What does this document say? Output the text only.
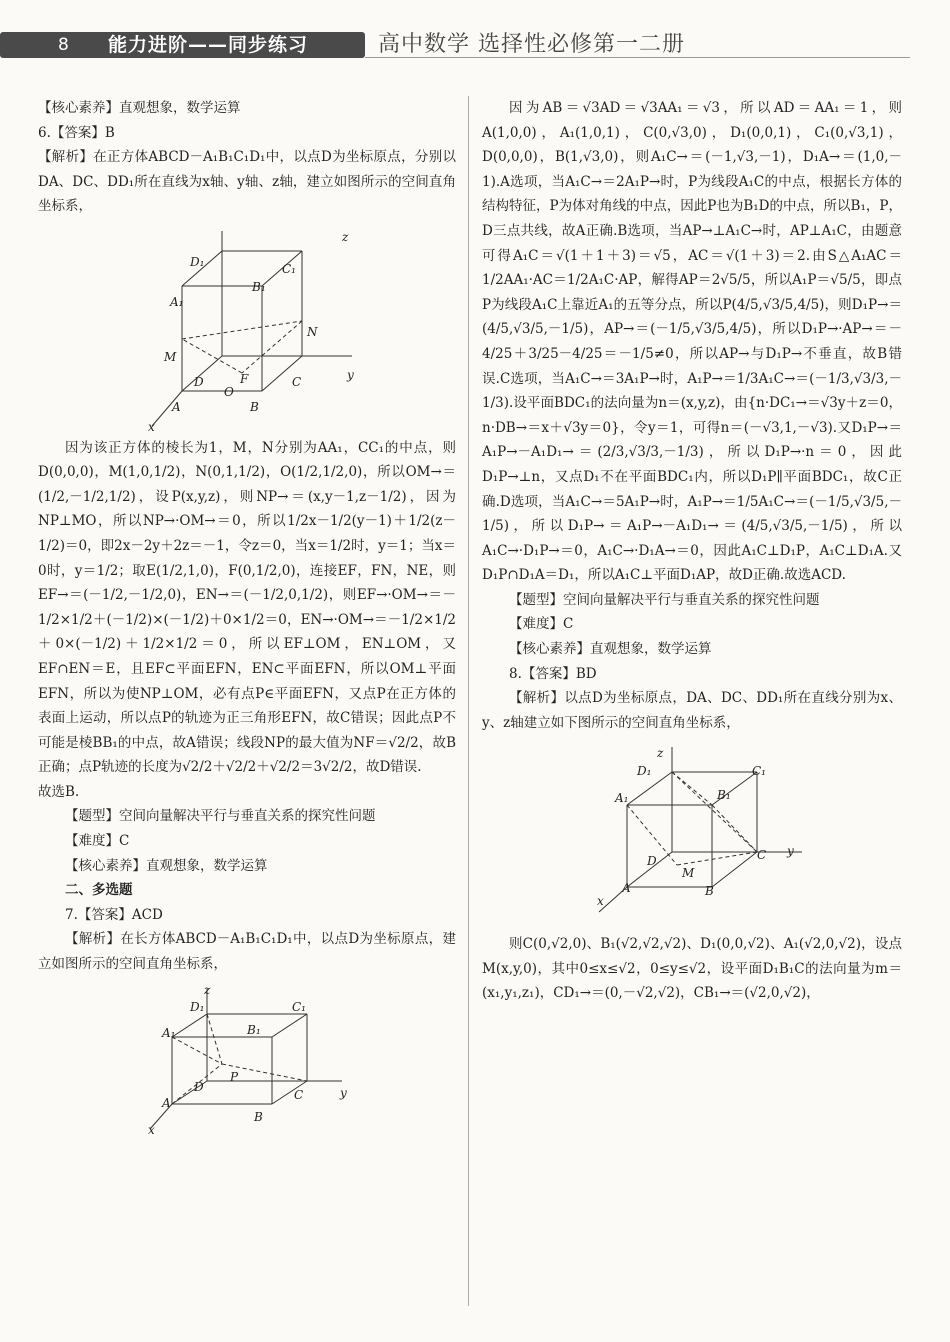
8 能力进阶——同步练习	高中数学 选择性必修第一二册

【核心素养】直观想象，数学运算

6.【答案】B

【解析】在正方体ABCD－A₁B₁C₁D₁中，以点D为坐标原点，分别以DA、DC、DD₁所在直线为x轴、y轴、z轴，建立如图所示的空间直角坐标系，

z
D₁	C₁
A₁
B₁
N
M
D	F
O
C	y
A	B
x

因为该正方体的棱长为1，M，N分别为AA₁，CC₁的中点，则D(0,0,0)，M(1,0,1/2)，N(0,1,1/2)，O(1/2,1/2,0)，所以OM→＝(1/2,－1/2,1/2)，设P(x,y,z)，则NP→＝(x,y－1,z－1/2)，因为NP⊥MO，所以NP→·OM→＝0，所以1/2x－1/2(y－1)＋1/2(z－1/2)＝0，即2x－2y＋2z＝－1，令z＝0，当x＝1/2时，y＝1；当x＝0时，y＝1/2；取E(1/2,1,0)，F(0,1/2,0)，连接EF，FN，NE，则EF→＝(－1/2,－1/2,0)，EN→＝(－1/2,0,1/2)，则EF→·OM→＝－1/2×1/2＋(－1/2)×(－1/2)＋0×1/2＝0，EN→·OM→＝－1/2×1/2＋0×(－1/2)＋1/2×1/2＝0，所以EF⊥OM，EN⊥OM，又EF∩EN＝E，且EF⊂平面EFN，EN⊂平面EFN，所以OM⊥平面EFN，所以为使NP⊥OM，必有点P∈平面EFN，又点P在正方体的表面上运动，所以点P的轨迹为正三角形EFN，故C错误；因此点P不可能是棱BB₁的中点，故A错误；线段NP的最大值为NF＝√2/2，故B正确；点P轨迹的长度为√2/2＋√2/2＋√2/2＝3√2/2，故D错误.

故选B.

【题型】空间向量解决平行与垂直关系的探究性问题

【难度】C

【核心素养】直观想象，数学运算

二、多选题

7.【答案】ACD

【解析】在长方体ABCD－A₁B₁C₁D₁中，以点D为坐标原点，建立如图所示的空间直角坐标系，

z
D₁	C₁
A₁	B₁
P
D
C	y
A
B
x

因为AB＝√3AD＝√3AA₁＝√3，所以AD＝AA₁＝1，则A(1,0,0)，A₁(1,0,1)，C(0,√3,0)，D₁(0,0,1)，C₁(0,√3,1)，D(0,0,0)，B(1,√3,0)，则A₁C→＝(－1,√3,－1)，D₁A→＝(1,0,－1).A选项，当A₁C→＝2A₁P→时，P为线段A₁C的中点，根据长方体的结构特征，P为体对角线的中点，因此P也为B₁D的中点，所以B₁，P，D三点共线，故A正确.B选项，当AP→⊥A₁C→时，AP⊥A₁C，由题意可得A₁C＝√(1＋1＋3)＝√5，AC＝√(1＋3)＝2.由S△A₁AC＝1/2AA₁·AC＝1/2A₁C·AP，解得AP＝2√5/5，所以A₁P＝√5/5，即点P为线段A₁C上靠近A₁的五等分点，所以P(4/5,√3/5,4/5)，则D₁P→＝(4/5,√3/5,－1/5)，AP→＝(－1/5,√3/5,4/5)，所以D₁P→·AP→＝－4/25＋3/25－4/25＝－1/5≠0，所以AP→与D₁P→不垂直，故B错误.C选项，当A₁C→＝3A₁P→时，A₁P→＝1/3A₁C→＝(－1/3,√3/3,－1/3).设平面BDC₁的法向量为n＝(x,y,z)，由{n·DC₁→＝√3y＋z＝0，n·DB→＝x＋√3y＝0}，令y＝1，可得n＝(－√3,1,－√3).又D₁P→＝A₁P→－A₁D₁→＝(2/3,√3/3,－1/3)，所以D₁P→·n＝0，因此D₁P→⊥n，又点D₁不在平面BDC₁内，所以D₁P∥平面BDC₁，故C正确.D选项，当A₁C→＝5A₁P→时，A₁P→＝1/5A₁C→＝(－1/5,√3/5,－1/5)，所以D₁P→＝A₁P→－A₁D₁→＝(4/5,√3/5,－1/5)，所以A₁C→·D₁P→＝0，A₁C→·D₁A→＝0，因此A₁C⊥D₁P，A₁C⊥D₁A.又D₁P∩D₁A＝D₁，所以A₁C⊥平面D₁AP，故D正确.故选ACD.

【题型】空间向量解决平行与垂直关系的探究性问题

【难度】C

【核心素养】直观想象，数学运算

8.【答案】BD

【解析】以点D为坐标原点，DA、DC、DD₁所在直线分别为x、y、z轴建立如下图所示的空间直角坐标系，

z
D₁	C₁
A₁	B₁
D
M
C y
A	B
x

则C(0,√2,0)、B₁(√2,√2,√2)、D₁(0,0,√2)、A₁(√2,0,√2)，设点M(x,y,0)，其中0≤x≤√2，0≤y≤√2，设平面D₁B₁C的法向量为m＝(x₁,y₁,z₁)，CD₁→＝(0,－√2,√2)，CB₁→＝(√2,0,√2)，
